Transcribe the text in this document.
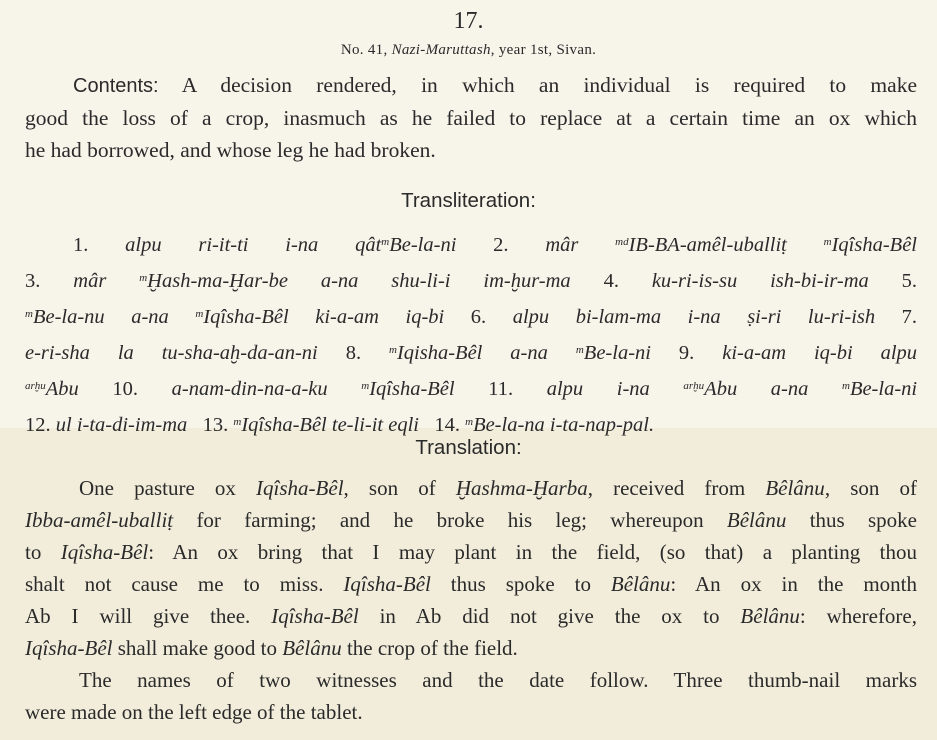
17.
No. 41, Nazi-Maruttash, year 1st, Sivan.
Contents: A decision rendered, in which an individual is required to make
good the loss of a crop, inasmuch as he failed to replace at a certain time an ox which
he had borrowed, and whose leg he had broken.
Transliteration:
1. alpu ri-it-ti i-na qât$^m$Be-la-ni 2. mâr	$^{md}$IB-BA-amêl-uballiṭ	$^m$Iqîsha-Bêl
3. mâr	$^m$Ḫash-ma-Ḫar-be a-na shu-li-i im-ḫur-ma 4. ku-ri-is-su ish-bi-ir-ma 5.
$^m$Be-la-nu a-na $^m$Iqîsha-Bêl ki-a-am iq-bi 6. alpu bi-lam-ma i-na ṣi-ri lu-ri-ish 7.
e-ri-sha la tu-sha-aḫ-da-an-ni 8.	$^m$Iqisha-Bêl a-na	$^m$Be-la-ni 9. ki-a-am iq-bi alpu
$^{arḫu}$Abu 10. a-nam-din-na-a-ku	$^m$Iqîsha-Bêl 11. alpu i-na	$^{arḫu}$Abu a-na	$^m$Be-la-ni
12. ul i-ta-di-im-ma 13. $^m$Iqîsha-Bêl te-li-it eqli 14. $^m$Be-la-na i-ta-nap-pal.
Translation:
One pasture ox Iqîsha-Bêl, son of Ḫashma-Ḫarba, received from Bêlânu, son of
Ibba-amêl-uballiṭ for farming; and he broke his leg; whereupon Bêlânu thus spoke
to Iqîsha-Bêl: An ox bring that I may plant in the field, (so that) a planting thou
shalt not cause me to miss. Iqîsha-Bêl thus spoke to Bêlânu: An ox in the month
Ab I will give thee. Iqîsha-Bêl in Ab did not give the ox to Bêlânu: wherefore,
Iqîsha-Bêl shall make good to Bêlânu the crop of the field.
The names of two witnesses and the date follow. Three thumb-nail marks
were made on the left edge of the tablet.
